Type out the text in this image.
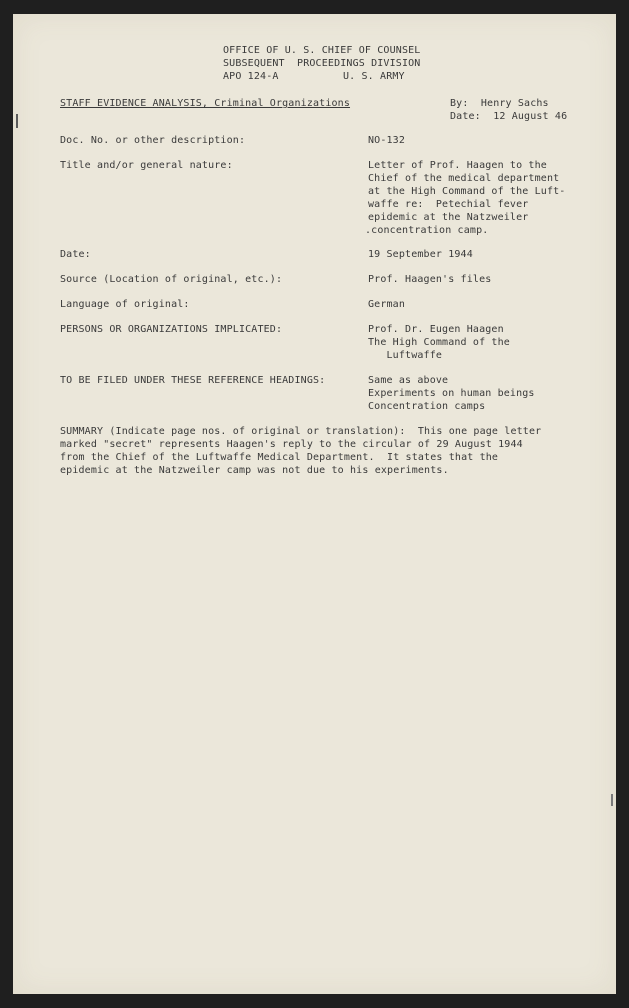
OFFICE OF U. S. CHIEF OF COUNSEL
SUBSEQUENT  PROCEEDINGS DIVISION
APO 124-A	U. S. ARMY
STAFF EVIDENCE ANALYSIS, Criminal Organizations	By:  Henry Sachs
Date:  12 August 46
Doc. No. or other description:	NO-132
Title and/or general nature:	Letter of Prof. Haagen to the
Chief of the medical department
at the High Command of the Luft-
waffe re:  Petechial fever
epidemic at the Natzweiler
.concentration camp.
Date:	19 September 1944
Source (Location of original, etc.):	Prof. Haagen's files
Language of original:	German
PERSONS OR ORGANIZATIONS IMPLICATED:	Prof. Dr. Eugen Haagen
The High Command of the
Luftwaffe
TO BE FILED UNDER THESE REFERENCE HEADINGS:	Same as above
Experiments on human beings
Concentration camps
SUMMARY (Indicate page nos. of original or translation):  This one page letter
marked "secret" represents Haagen's reply to the circular of 29 August 1944
from the Chief of the Luftwaffe Medical Department.  It states that the
epidemic at the Natzweiler camp was not due to his experiments.
